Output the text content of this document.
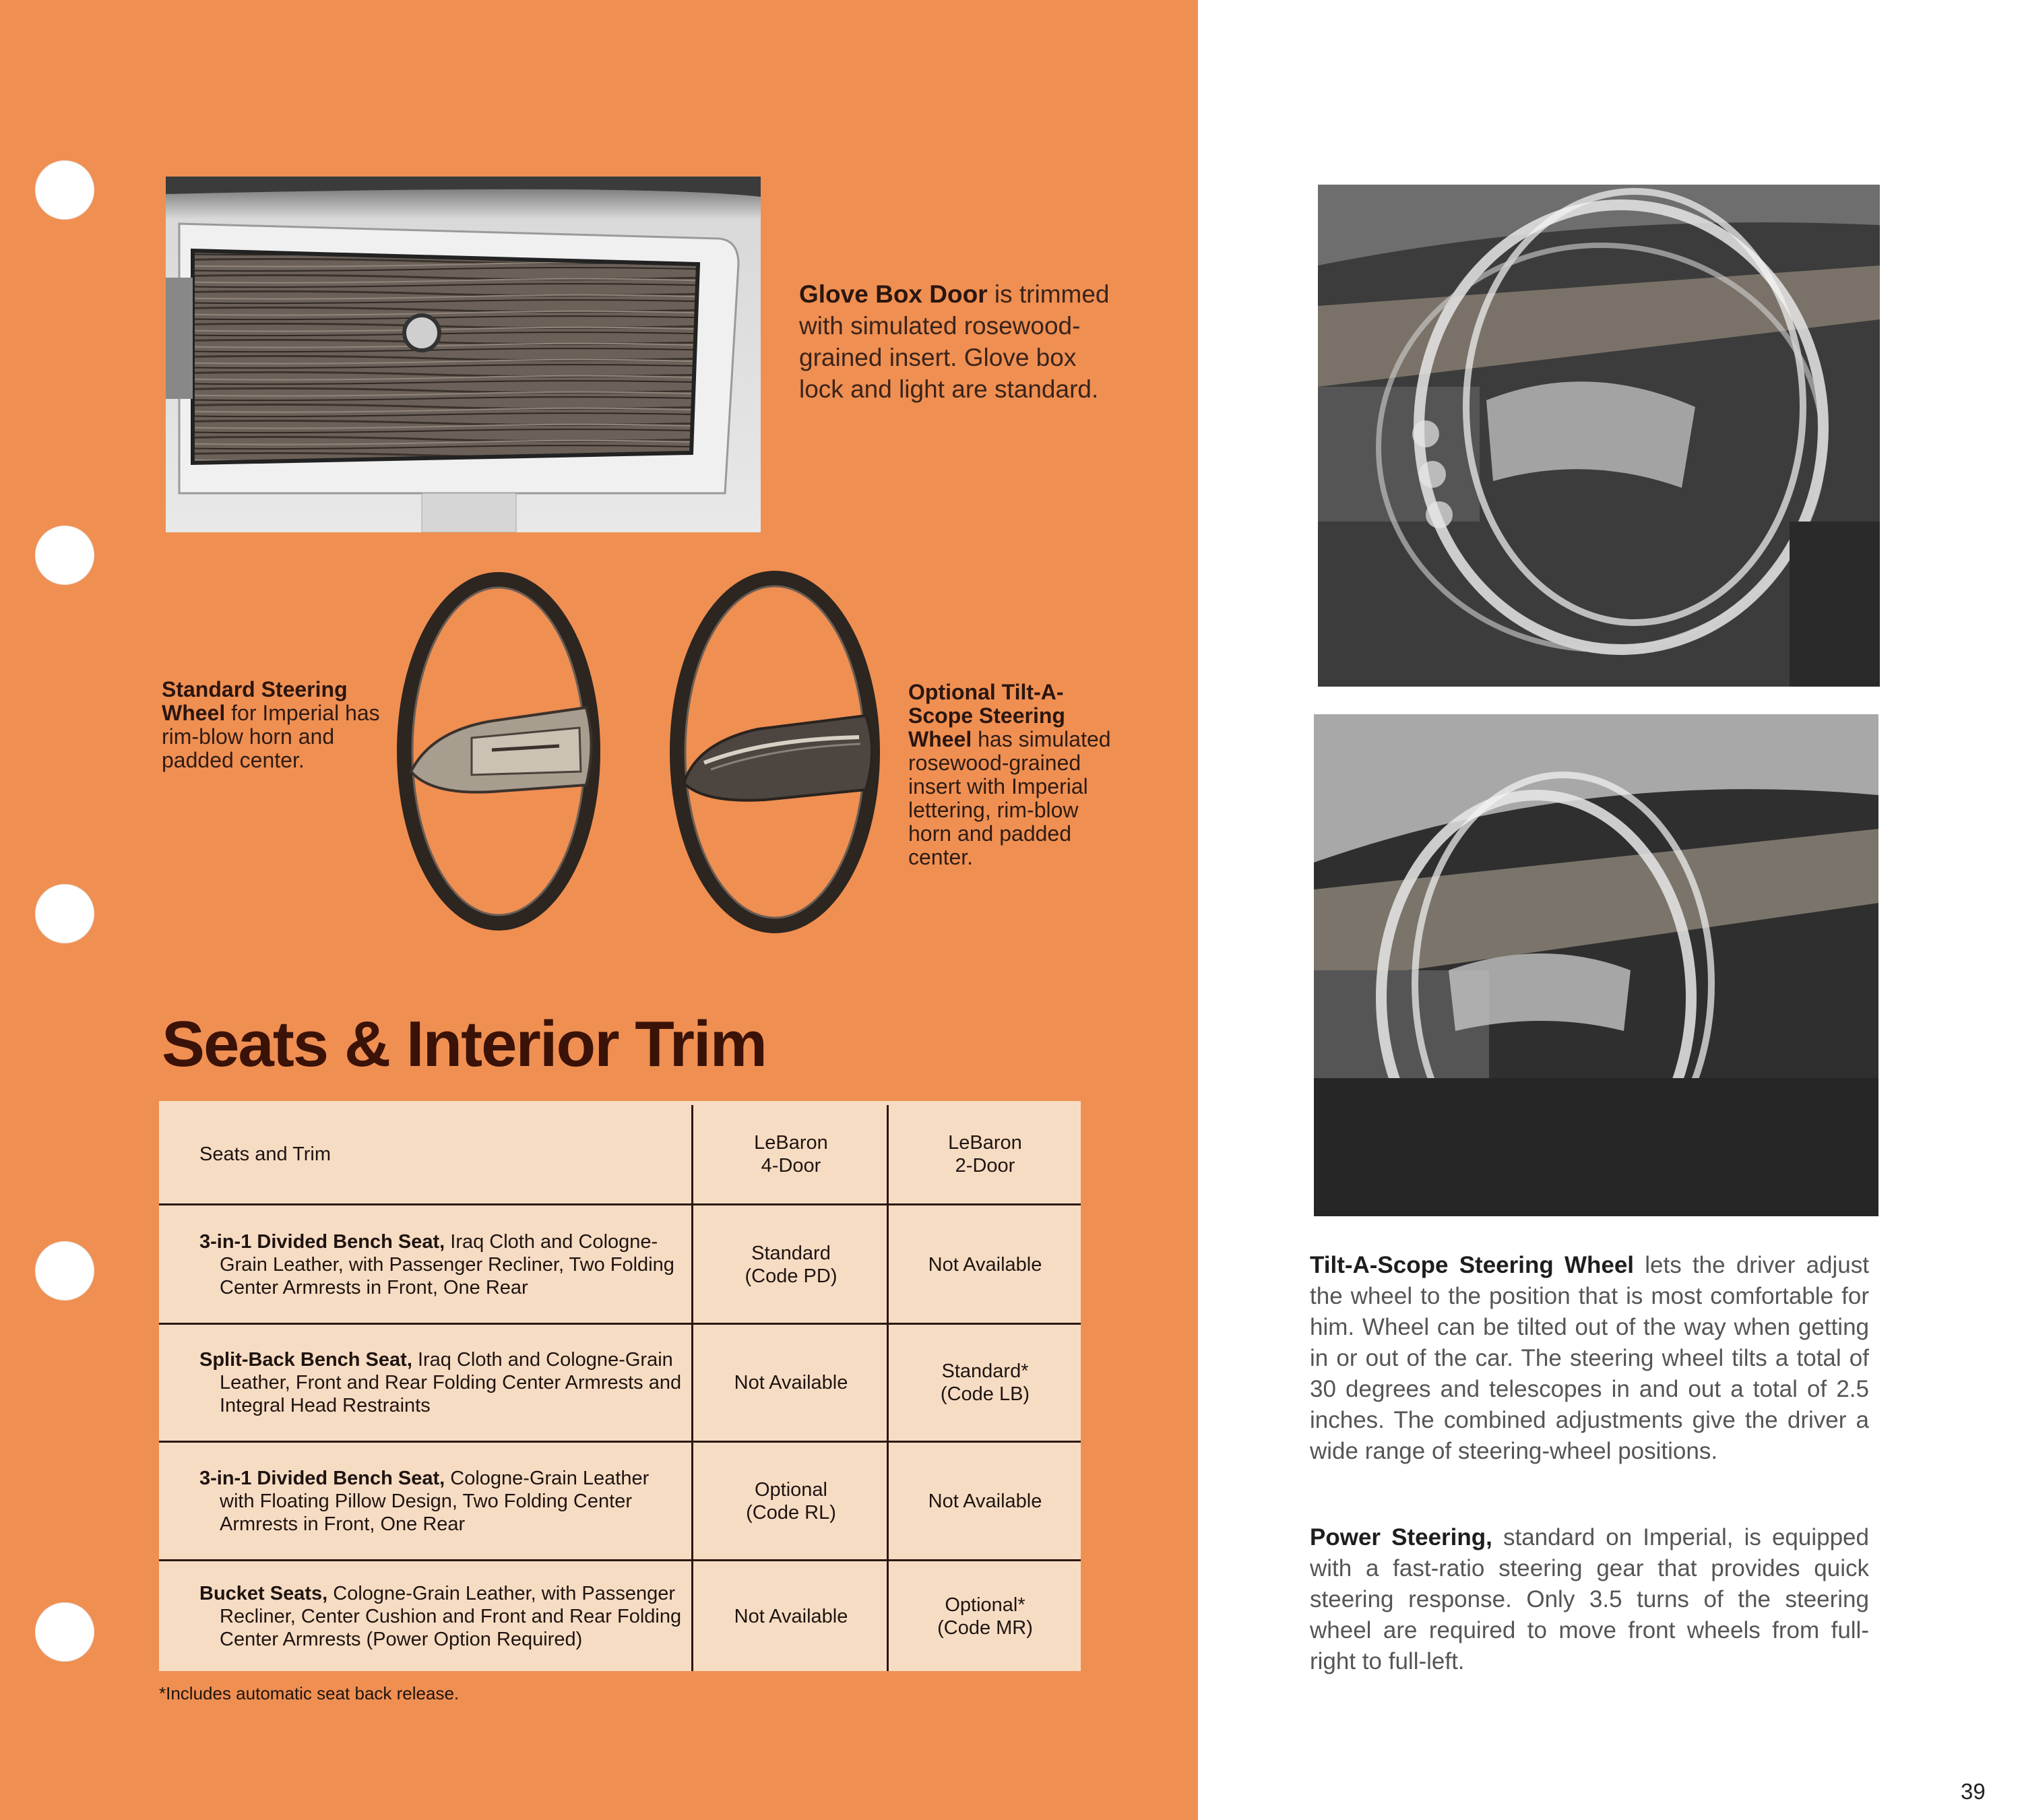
Glove Box Door is trimmed with simulated rosewood-grained insert. Glove box lock and light are standard.
Standard Steering Wheel for Imperial has rim-blow horn and padded center.
Optional Tilt-A-Scope Steering Wheel has simulated rosewood-grained insert with Imperial lettering, rim-blow horn and padded center.
Seats & Interior Trim
Seats and Trim
LeBaron 4-Door
LeBaron 2-Door
3-in-1 Divided Bench Seat, Iraq Cloth and Cologne-Grain Leather, with Passenger Recliner, Two Folding Center Armrests in Front, One Rear
Standard (Code PD)
Not Available
Split-Back Bench Seat, Iraq Cloth and Cologne-Grain Leather, Front and Rear Folding Center Armrests and Integral Head Restraints
Not Available
Standard* (Code LB)
3-in-1 Divided Bench Seat, Cologne-Grain Leather with Floating Pillow Design, Two Folding Center Armrests in Front, One Rear
Optional (Code RL)
Not Available
Bucket Seats, Cologne-Grain Leather, with Passenger Recliner, Center Cushion and Front and Rear Folding Center Armrests (Power Option Required)
Not Available
Optional* (Code MR)
*Includes automatic seat back release.
Tilt-A-Scope Steering Wheel lets the driver adjust the wheel to the position that is most comfortable for him. Wheel can be tilted out of the way when getting in or out of the car. The steering wheel tilts a total of 30 degrees and telescopes in and out a total of 2.5 inches. The combined adjustments give the driver a wide range of steering-wheel positions.
Power Steering, standard on Imperial, is equipped with a fast-ratio steering gear that provides quick steering response. Only 3.5 turns of the steering wheel are required to move front wheels from full-right to full-left.
39
